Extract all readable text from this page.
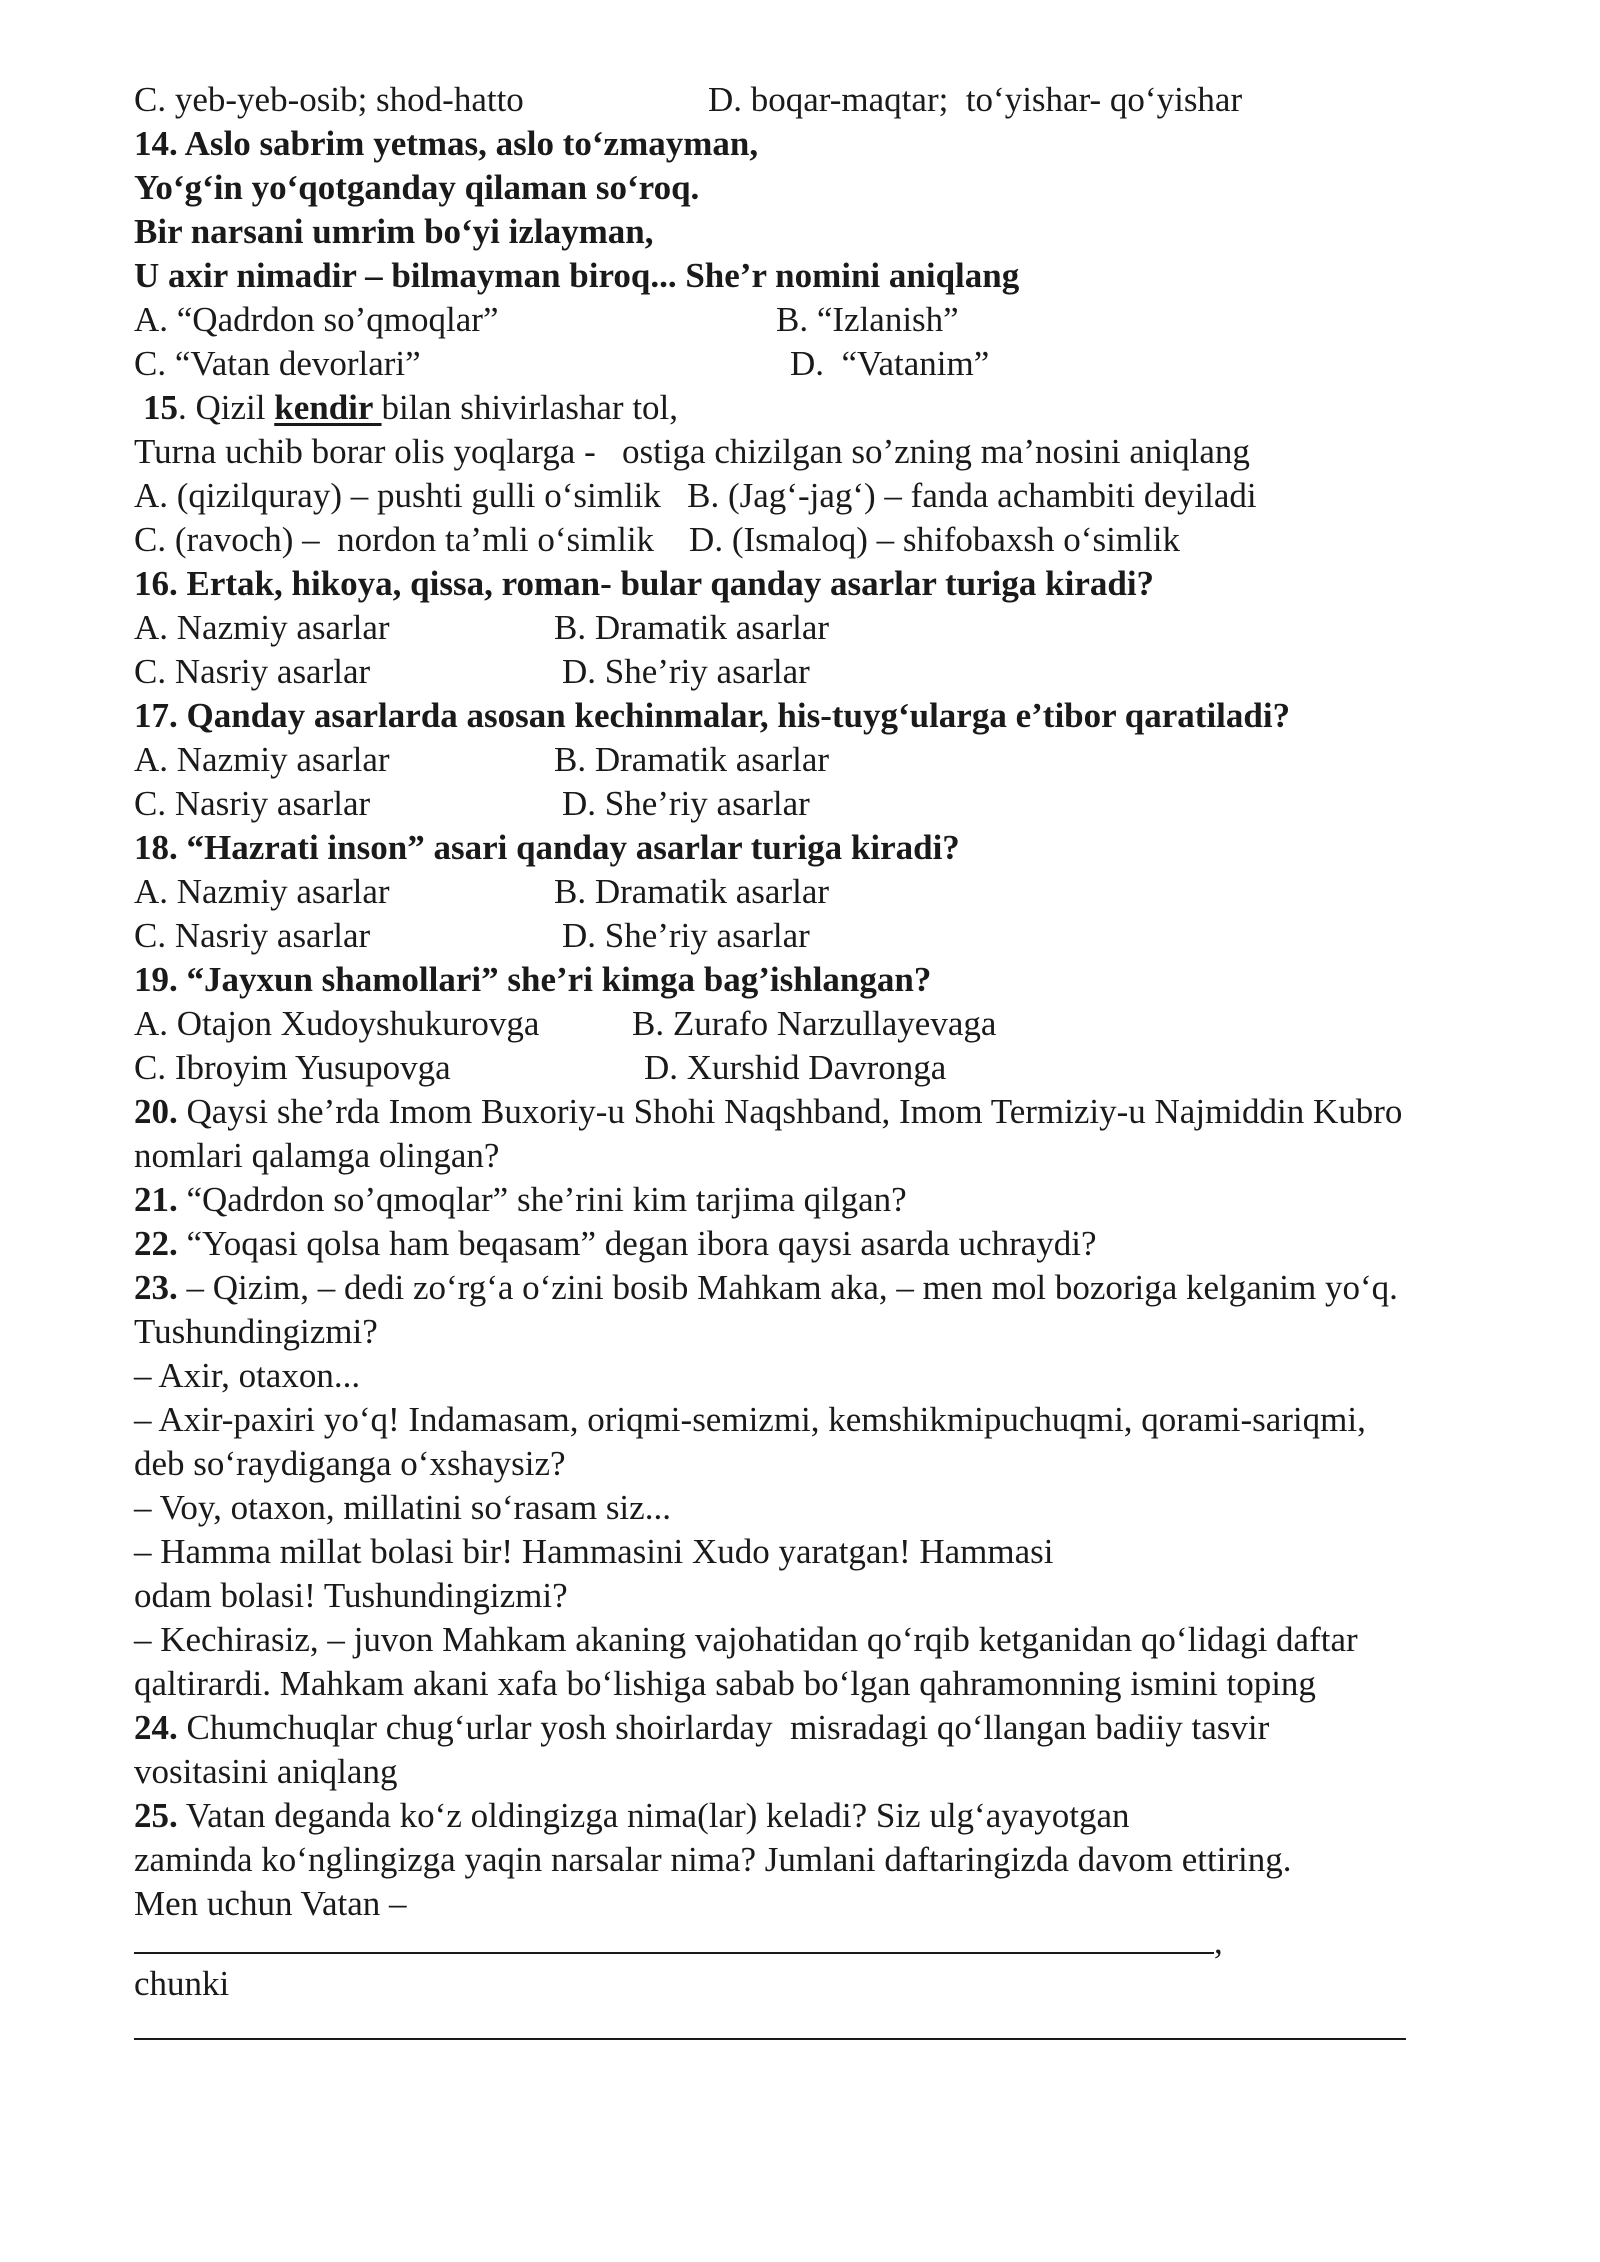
C. yeb-yeb-osib; shod-hatto	D. boqar-maqtar;  to‘yishar- qo‘yishar
14. Aslo sabrim yetmas, aslo to‘zmayman,
Yo‘g‘in yo‘qotganday qilaman so‘roq.
Bir narsani umrim bo‘yi izlayman,
U axir nimadir – bilmayman biroq... She’r nomini aniqlang
A. “Qadrdon so’qmoqlar”	B. “Izlanish”
C. “Vatan devorlari”	D.  “Vatanim”
15. Qizil kendir bilan shivirlashar tol,
Turna uchib borar olis yoqlarga -   ostiga chizilgan so’zning ma’nosini aniqlang
A. (qizilquray) – pushti gulli o‘simlik   B. (Jag‘-jag‘) – fanda achambiti deyiladi
C. (ravoch) –  nordon ta’mli o‘simlik    D. (Ismaloq) – shifobaxsh o‘simlik
16. Ertak, hikoya, qissa, roman- bular qanday asarlar turiga kiradi?
A. Nazmiy asarlar	B. Dramatik asarlar
C. Nasriy asarlar	D. She’riy asarlar
17. Qanday asarlarda asosan kechinmalar, his-tuyg‘ularga e’tibor qaratiladi?
A. Nazmiy asarlar	B. Dramatik asarlar
C. Nasriy asarlar	D. She’riy asarlar
18. “Hazrati inson” asari qanday asarlar turiga kiradi?
A. Nazmiy asarlar	B. Dramatik asarlar
C. Nasriy asarlar	D. She’riy asarlar
19. “Jayxun shamollari” she’ri kimga bag’ishlangan?
A. Otajon Xudoyshukurovga	B. Zurafo Narzullayevaga
C. Ibroyim Yusupovga	D. Xurshid Davronga
20. Qaysi she’rda Imom Buxoriy-u Shohi Naqshband, Imom Termiziy-u Najmiddin Kubro
nomlari qalamga olingan?
21. “Qadrdon so’qmoqlar” she’rini kim tarjima qilgan?
22. “Yoqasi qolsa ham beqasam” degan ibora qaysi asarda uchraydi?
23. – Qizim, – dedi zo‘rg‘a o‘zini bosib Mahkam aka, – men mol bozoriga kelganim yo‘q.
Tushundingizmi?
– Axir, otaxon...
– Axir-paxiri yo‘q! Indamasam, oriqmi-semizmi, kemshikmipuchuqmi, qorami-sariqmi,
deb so‘raydiganga o‘xshaysiz?
– Voy, otaxon, millatini so‘rasam siz...
– Hamma millat bolasi bir! Hammasini Xudo yaratgan! Hammasi
odam bolasi! Tushundingizmi?
– Kechirasiz, – juvon Mahkam akaning vajohatidan qo‘rqib ketganidan qo‘lidagi daftar
qaltirardi. Mahkam akani xafa bo‘lishiga sabab bo‘lgan qahramonning ismini toping
24. Chumchuqlar chug‘urlar yosh shoirlarday  misradagi qo‘llangan badiiy tasvir
vositasini aniqlang
25. Vatan deganda ko‘z oldingizga nima(lar) keladi? Siz ulg‘ayayotgan
zaminda ko‘nglingizga yaqin narsalar nima? Jumlani daftaringizda davom ettiring.
Men uchun Vatan –
,
chunki
